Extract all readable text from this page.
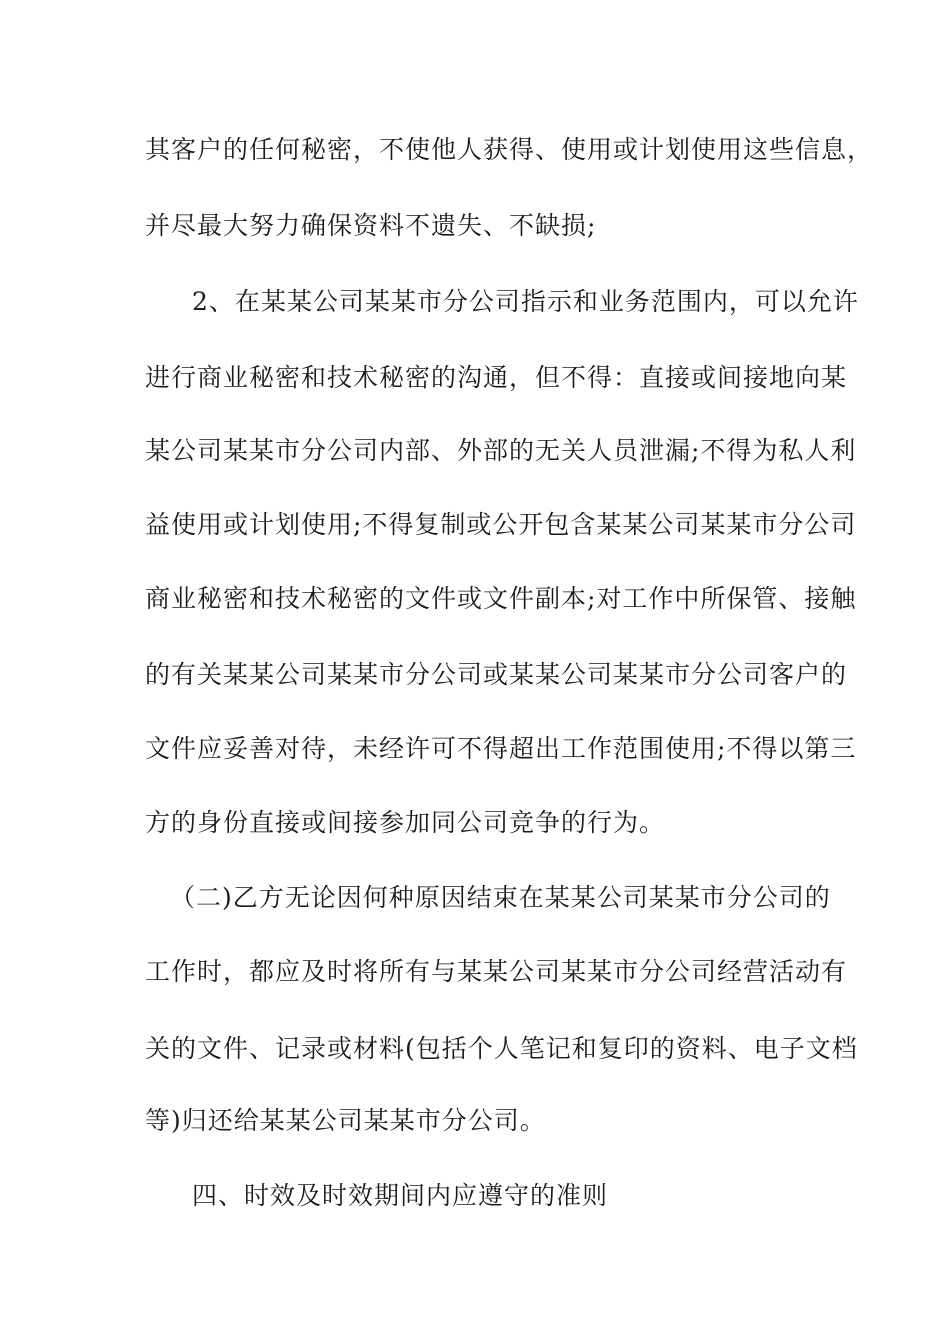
其客户的任何秘密，不使他人获得、使用或计划使用这些信息，
并尽最大努力确保资料不遗失、不缺损;
2、在某某公司某某市分公司指示和业务范围内，可以允许
进行商业秘密和技术秘密的沟通，但不得：直接或间接地向某
某公司某某市分公司内部、外部的无关人员泄漏;不得为私人利
益使用或计划使用;不得复制或公开包含某某公司某某市分公司
商业秘密和技术秘密的文件或文件副本;对工作中所保管、接触
的有关某某公司某某市分公司或某某公司某某市分公司客户的
文件应妥善对待，未经许可不得超出工作范围使用;不得以第三
方的身份直接或间接参加同公司竞争的行为。
（二)乙方无论因何种原因结束在某某公司某某市分公司的
工作时，都应及时将所有与某某公司某某市分公司经营活动有
关的文件、记录或材料(包括个人笔记和复印的资料、电子文档
等)归还给某某公司某某市分公司。
四、时效及时效期间内应遵守的准则
